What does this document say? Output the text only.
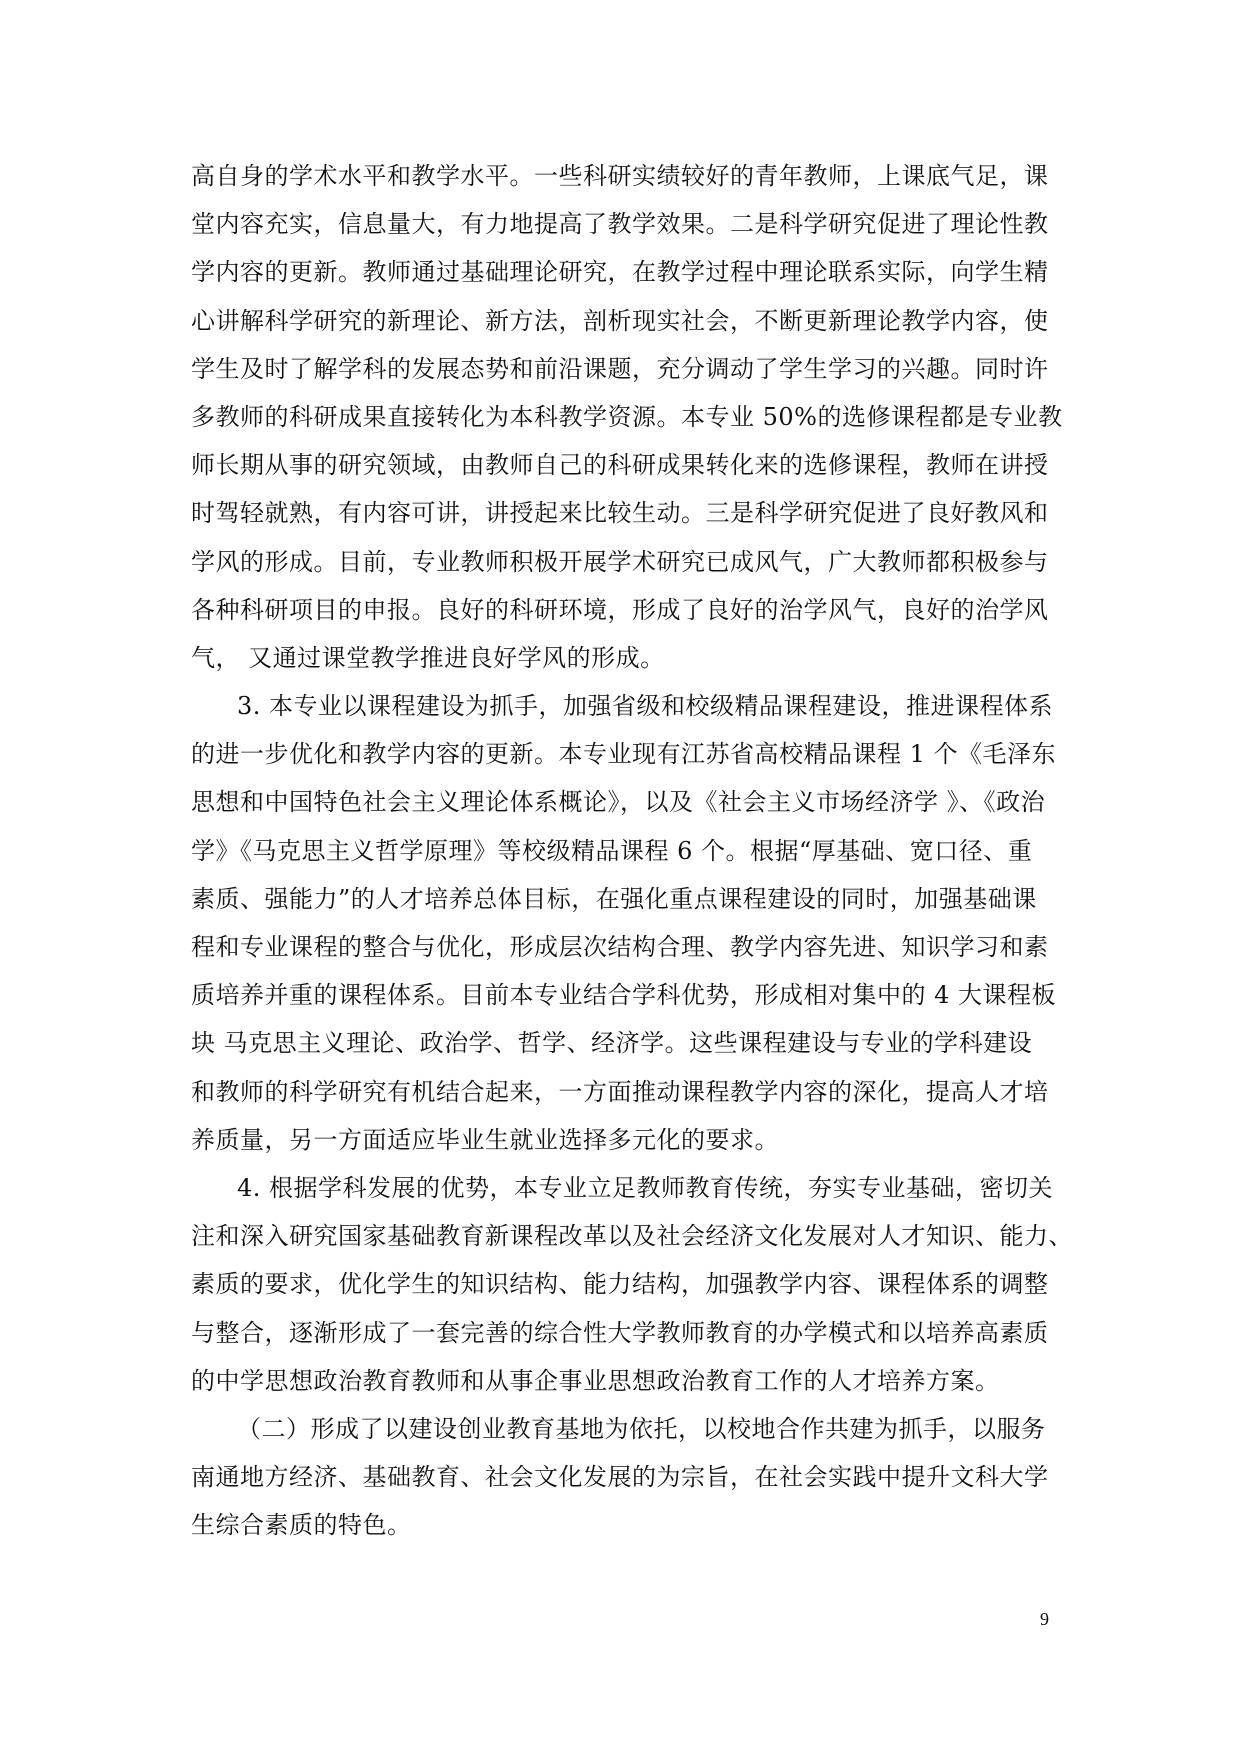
高自身的学术水平和教学水平。一些科研实绩较好的青年教师，上课底气足，课
堂内容充实，信息量大，有力地提高了教学效果。二是科学研究促进了理论性教
学内容的更新。教师通过基础理论研究，在教学过程中理论联系实际，向学生精
心讲解科学研究的新理论、新方法，剖析现实社会，不断更新理论教学内容，使
学生及时了解学科的发展态势和前沿课题，充分调动了学生学习的兴趣。同时许
多教师的科研成果直接转化为本科教学资源。本专业 50%的选修课程都是专业教
师长期从事的研究领域，由教师自己的科研成果转化来的选修课程，教师在讲授
时驾轻就熟，有内容可讲，讲授起来比较生动。三是科学研究促进了良好教风和
学风的形成。目前，专业教师积极开展学术研究已成风气，广大教师都积极参与
各种科研项目的申报。良好的科研环境，形成了良好的治学风气，良好的治学风
气， 又通过课堂教学推进良好学风的形成。
3. 本专业以课程建设为抓手，加强省级和校级精品课程建设，推进课程体系
的进一步优化和教学内容的更新。本专业现有江苏省高校精品课程 1 个《毛泽东
思想和中国特色社会主义理论体系概论》，以及《社会主义市场经济学 》、《政治
学》《马克思主义哲学原理》等校级精品课程 6 个。根据“厚基础、宽口径、重
素质、强能力”的人才培养总体目标，在强化重点课程建设的同时，加强基础课
程和专业课程的整合与优化，形成层次结构合理、教学内容先进、知识学习和素
质培养并重的课程体系。目前本专业结合学科优势，形成相对集中的 4 大课程板
块 马克思主义理论、政治学、哲学、经济学。这些课程建设与专业的学科建设
和教师的科学研究有机结合起来，一方面推动课程教学内容的深化，提高人才培
养质量，另一方面适应毕业生就业选择多元化的要求。
4. 根据学科发展的优势，本专业立足教师教育传统，夯实专业基础，密切关
注和深入研究国家基础教育新课程改革以及社会经济文化发展对人才知识、能力、
素质的要求，优化学生的知识结构、能力结构，加强教学内容、课程体系的调整
与整合，逐渐形成了一套完善的综合性大学教师教育的办学模式和以培养高素质
的中学思想政治教育教师和从事企事业思想政治教育工作的人才培养方案。
（二）形成了以建设创业教育基地为依托，以校地合作共建为抓手，以服务
南通地方经济、基础教育、社会文化发展的为宗旨，在社会实践中提升文科大学
生综合素质的特色。
9
